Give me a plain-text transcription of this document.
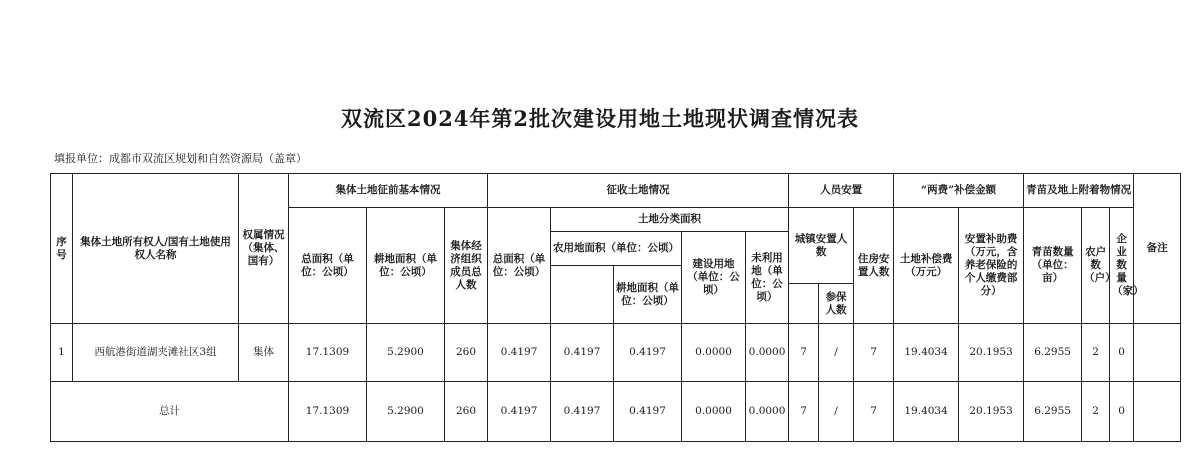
双流区2024年第2批次建设用地土地现状调查情况表
填报单位：成都市双流区规划和自然资源局（盖章）
序号	集体土地所有权人/国有土地使用权人名称	权属情况（集体、国有）	集体土地征前基本情况			征收土地情况					人员安置			“两费”补偿金额		青苗及地上附着物情况			备注
			总面积（单位：公顷）	耕地面积（单位：公顷）	集体经济组织成员总人数	总面积（单位：公顷）	土地分类面积				城镇安置人数		住房安置人数	土地补偿费（万元）	安置补助费（万元，含养老保险的个人缴费部分）	青苗数量（单位：亩）	农户数（户）	企业数量（家）	
							农用地面积（单位：公顷）		建设用地（单位：公顷）	未利用地（单位：公顷）									
								耕地面积（单位：公顷）											
												参保人数							
1	西航港街道湖夹滩社区3组	集体	17.1309	5.2900	260	0.4197	0.4197	0.4197	0.0000	0.0000	7	/	7	19.4034	20.1953	6.2955	2	0	
总计			17.1309	5.2900	260	0.4197	0.4197	0.4197	0.0000	0.0000	7	/	7	19.4034	20.1953	6.2955	2	0	
